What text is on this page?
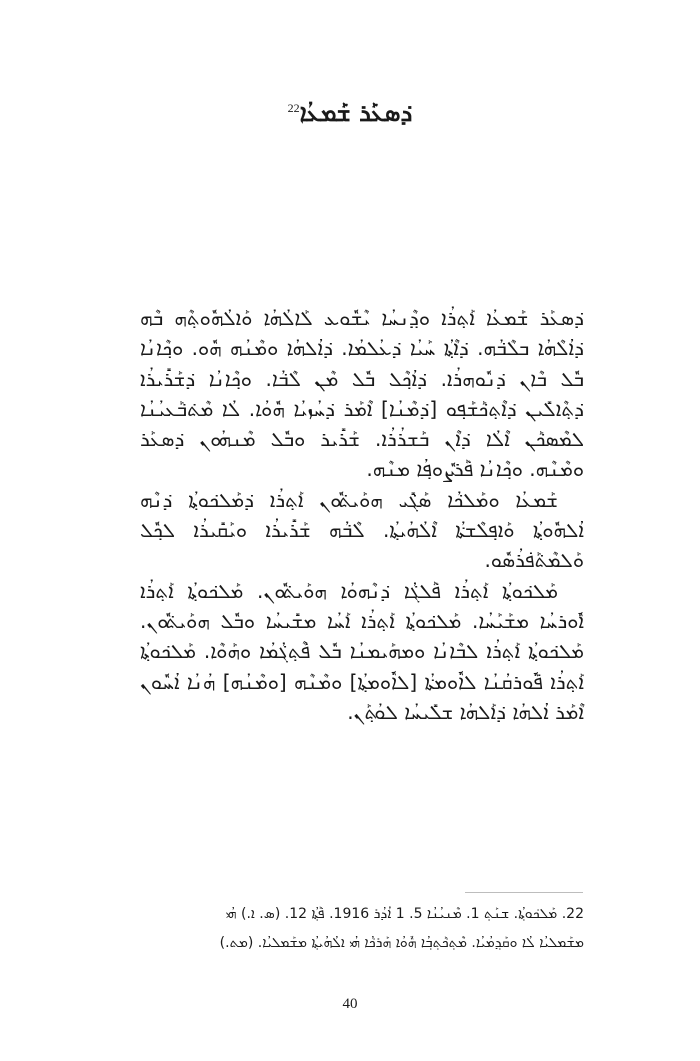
ܕ݁ܣܥܰܪ ܫܰܡܥܳܐ$^{22}$

ܕ݁ܣܥܰܪ ܫܰܡܥܳܐ ܐܰܬ݂ܪܳܐ ܘܕ݂ܶܢܚܳܐ ܝܶܫܽܘܥ ܠܰܐܠܳܗܳܐ ܘܰܐܠܳܗܽܘܬ݂ܶܗ ܒܶܗ ܕ݁ܐܳܠܶܗܳܐ ܒܠܶܒ݁ܳܗ. ܕ݁ܐܶܬ݂ܳܐ ܚܰܝܳܐ ܕ݁ܥܳܠܡܳܐ. ܕ݁ܐܳܠܗܳܐ ܘܡܶܢܳܗ ܗܽܘ. ܘܟ݂ܶܐܢܳܐ ܒܽܠ ܒܶܐܢ ܕ݁ܢܽܘܗܪܳܐ. ܕ݁ܐܳܟ݂ܶܠ ܒܽܠ ܡܶܢ ܠܶܒ݁ܳܐ. ܘܟ݂ܶܐܢܳܐ ܕ݁ܫܰܪܺܝܪܳܐ ܕ݁ܬ݂ܶܐܠܺܝܢ ܕ݁ܐܶܬ݂ܟ݁ܰܫܰܦ݂ܘ [ܕ݁ܡܶܢܳܐ] ܐܶܡܰܪ ܕ݁ܚܳܙܝܳܐ ܗܽܘܳܐ. ܠܳܐ ܡܶܬ݁ܒ݁ܰܥܝܳܢܳܐ ܠܡܶܣܟ݁ܰܢ ܐܶܠܳܐ ܕ݁ܐܶܢ ܒܰܫܪܳܪܳܐ. ܫܰܪܺܝܪ ܘܒܽܠ ܡܶܢܗܳܘܢ ܕ݁ܣܥܰܪ ܘܡܶܢܶܗ. ܘܟ݂ܶܐܢܳܐ ܦ݁ܰܪܨܽܘܦ݂ܳܐ ܡܢܶܗ.

ܫܰܡܥܳܐ ܘܡܰܠܟ݁ܳܐ ܣܰܓ݁ܺܝ ܗܘܰܝܬ݁ܽܘܢ ܐܰܬ݂ܪܳܐ ܕ݁ܡܰܠܟ݁ܘܬ݂ܳܐ ܕ݁ܢܶܗ ܐܳܠܗܽܘܬ݂ܳܐ ܘܰܐܦ݂ܠܶܫܬ݁ܳܐ ܐܶܠܳܗܳܝܬ݂ܳܐ. ܠܶܒ݁ܳܗ ܫܰܪܺܝܪܳܐ ܘܝܰܩܺܝܪܳܐ ܠܟ݂ܽܠ ܘܰܠܡܶܬ݁ܰܦ݁ܪܳܣܽܘ.

ܡܰܠܟ݁ܘܬ݂ܳܐ ܐܰܬ݂ܪܳܐ ܦ݁ܰܠܓ݁ܳܐ ܕ݁ܢܶܗܘܳܐ ܗܘܰܝܬ݁ܽܘܢ. ܡܰܠܟ݁ܘܬ݂ܳܐ ܐܰܬ݂ܪܳܐ ܐܽܘܪܚܳܐ ܡܫܰܝܰܚܳܐ. ܡܰܠܟ݁ܘܬ݂ܳܐ ܐܰܬ݂ܪܳܐ ܐܰܚܳܐ ܡܫܺܝܚܳܐ ܘܒܽܠ ܗܘܰܝܬ݁ܽܘܢ. ܡܰܠܟ݁ܘܬ݂ܳܐ ܐܰܬ݂ܪܳܐ ܠܒܶܐܢܳܐ ܘܡܗܰܝܡܢܳܐ ܒܽܠ ܦ݁ܶܬ݂ܓ݁ܳܡܳܐ ܘܗܰܘܶܐ. ܡܰܠܟ݁ܘܬ݂ܳܐ ܐܰܬ݂ܪܳܐ ܦ݁ܽܘܪܩܳܢܳܐ ܠܐܽܘܡܬ݁ܳܐ [ܠܐܽܘܡܬ݂ܳܐ] ܘܡܶܢܶܗ [ܘܡܶܢܳܗ] ܗܳܢܳܐ ܐܳܚܽܘܢ ܐܶܡܰܪ ܐܳܠܗܳܐ ܕ݁ܐܰܠܗܳܐ ܫܠܺܝܚܳܐ ܠܘܳܬ݂ܰܢ.

22. ܡܰܠܟ݁ܘܬ݂ܳܐ. ܫܢܰܬ݂ 1. ܡܶܢܝܳܢܳܐ 5. 1 ܐܳܕܳܪ 1916. ܦ݁ܰܬ݂ܳܐ 12. (ܣ. ܐ.) ܗܳܝ

ܡܫܰܡܠܝܳܐ ܠܳܐ ܘܩܰܕ݂ܡܳܝܳܐ. ܡܶܬ݂ܟ݁ܰܬ݂ܒ݂ܳܐ ܗܽܘܳܐ ܗܰܪܟ݁ܳܐ ܗܳܝ ܐܠܳܗܳܝܬ݂ܳܐ ܡܫܰܡܠܝܳܐ. (ܡܬ.)

40
